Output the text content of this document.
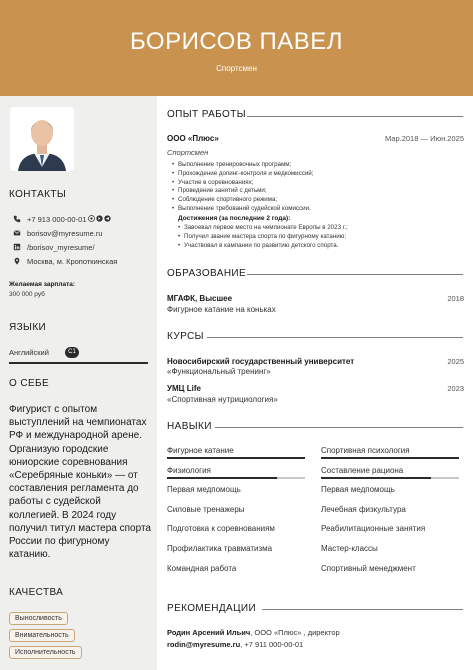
БОРИСОВ ПАВЕЛ
Спортсмен
КОНТАКТЫ
+7 913 000-00-01
borisov@myresume.ru
/borisov_myresume/
Москва, м. Кропоткинская
Желаемая зарплата:
300 000 руб
ЯЗЫКИ
Английский	C1
О СЕБЕ
Фигурист с опытом выступлений на чемпионатах РФ и международной арене. Организую городские юниорские соревнования «Серебряные коньки» — от составления регламента до работы с судейской коллегией. В 2024 году получил титул мастера спорта России по фигурному катанию.
КАЧЕСТВА
Выносливость
Внимательность
Исполнительность
ОПЫТ РАБОТЫ
ООО «Плюс»	Мар.2018 — Июн.2025
Спортсмен
• Выполнение тренировочных программ;
• Прохождение допинг-контроля и медкомиссий;
• Участие в соревнованиях;
• Проведение занятий с детьми;
• Соблюдение спортивного режима;
• Выполнение требований судейской комиссии.
Достижения (за последние 2 года):
• Завоевал первое место на чемпионате Европы в 2023 г.;
• Получил звание мастера спорта по фигурному катанию;
• Участвовал в кампании по развитию детского спорта.
ОБРАЗОВАНИЕ
МГАФК, Высшее	2018
Фигурное катание на коньках
КУРСЫ
Новосибирский государственный университет	2025
«Функциональный тренинг»
УМЦ Life	2023
«Спортивная нутрициология»
НАВЫКИ
Фигурное катание	Спортивная психология
Физиология	Составление рациона
Первая медпомощь	Первая медпомощь
Силовые тренажеры	Лечебная физкультура
Подготовка к соревнованиям	Реабилитационные занятия
Профилактика травматизма	Мастер-классы
Командная работа	Спортивный менеджмент
РЕКОМЕНДАЦИИ
Родин Арсений Ильич, ООО «Плюс» , директор
rodin@myresume.ru, +7 911 000-00-01
